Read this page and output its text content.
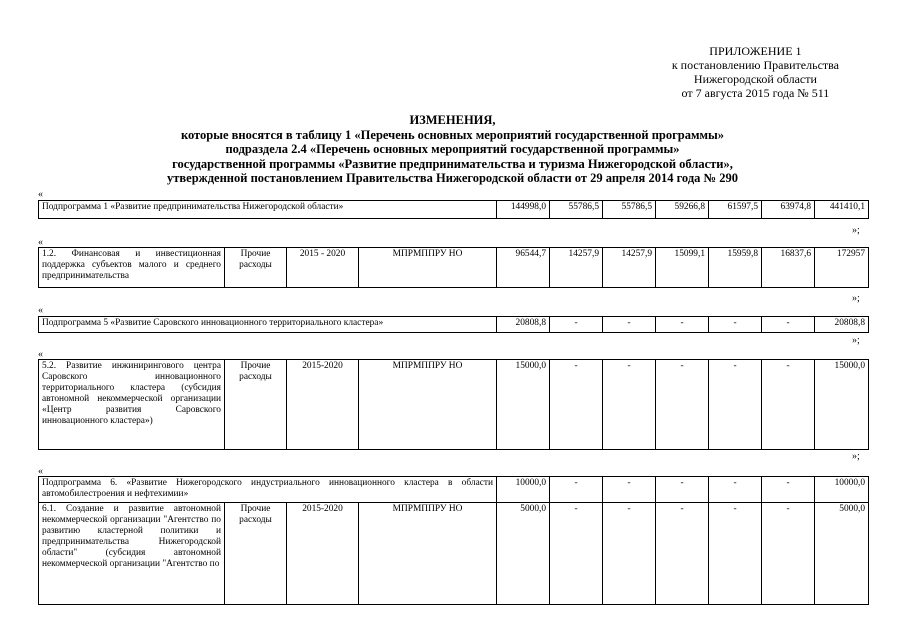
ПРИЛОЖЕНИЕ 1
к постановлению Правительства
Нижегородской области
от 7 августа 2015 года № 511
ИЗМЕНЕНИЯ,
которые вносятся в таблицу 1 «Перечень основных мероприятий государственной программы»
подраздела 2.4 «Перечень основных мероприятий государственной программы»
государственной программы «Развитие предпринимательства и туризма Нижегородской области»,
утвержденной постановлением Правительства Нижегородской области от 29 апреля 2014 года № 290
«
Подпрограмма 1 «Развитие предпринимательства Нижегородской области»	144998,0	55786,5	55786,5	59266,8	61597,5	63974,8	441410,1
»;
«
1.2. Финансовая и инвестиционная поддержка субъектов малого и среднего предпринимательства	Прочие расходы	2015 - 2020	МПРМППРУ НО	96544,7	14257,9	14257,9	15099,1	15959,8	16837,6	172957
»;
«
Подпрограмма 5 «Развитие Саровского инновационного территориального кластера»	20808,8	-	-	-	-	-	20808,8
»;
«
5.2. Развитие инжинирингового центра Саровского инновационного территориального кластера (субсидия автономной некоммерческой организации «Центр развития Саровского инновационного кластера»)	Прочие расходы	2015-2020	МПРМППРУ НО	15000,0	-	-	-	-	-	15000,0
»;
«
Подпрограмма 6. «Развитие Нижегородского индустриального инновационного кластера в области автомобилестроения и нефтехимии»				10000,0	-	-	-	-	-	10000,0
6.1. Создание и развитие автономной некоммерческой организации "Агентство по развитию кластерной политики и предпринимательства Нижегородской области" (субсидия автономной некоммерческой организации "Агентство по	Прочие расходы	2015-2020	МПРМППРУ НО	5000,0	-	-	-	-	-	5000,0
